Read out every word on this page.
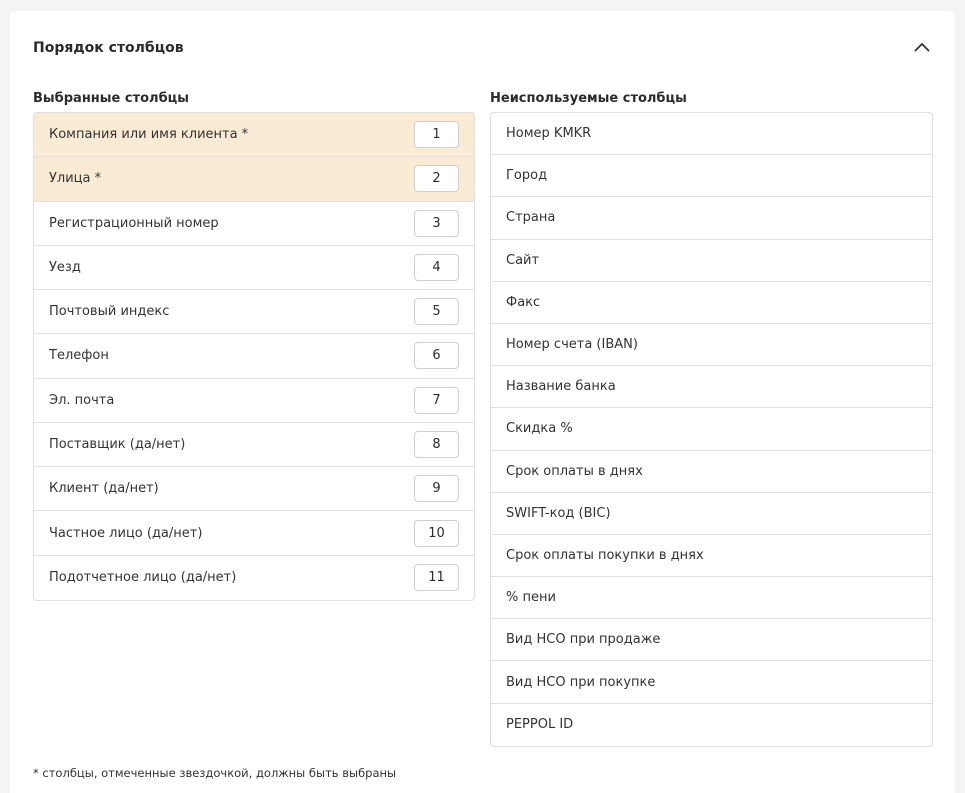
Порядок столбцов
Выбранные столбцы	Неиспользуемые столбцы
Компания или имя клиента *
1
Улица *
2
Регистрационный номер
3
Уезд
4
Почтовый индекс
5
Телефон
6
Эл. почта
7
Поставщик (да/нет)
8
Клиент (да/нет)
9
Частное лицо (да/нет)
10
Подотчетное лицо (да/нет)
11
Номер KMKR
Город
Страна
Сайт
Факс
Номер счета (IBAN)
Название банка
Скидка %
Срок оплаты в днях
SWIFT-код (BIC)
Срок оплаты покупки в днях
% пени
Вид НСО при продаже
Вид НСО при покупке
PEPPOL ID
* столбцы, отмеченные звездочкой, должны быть выбраны
